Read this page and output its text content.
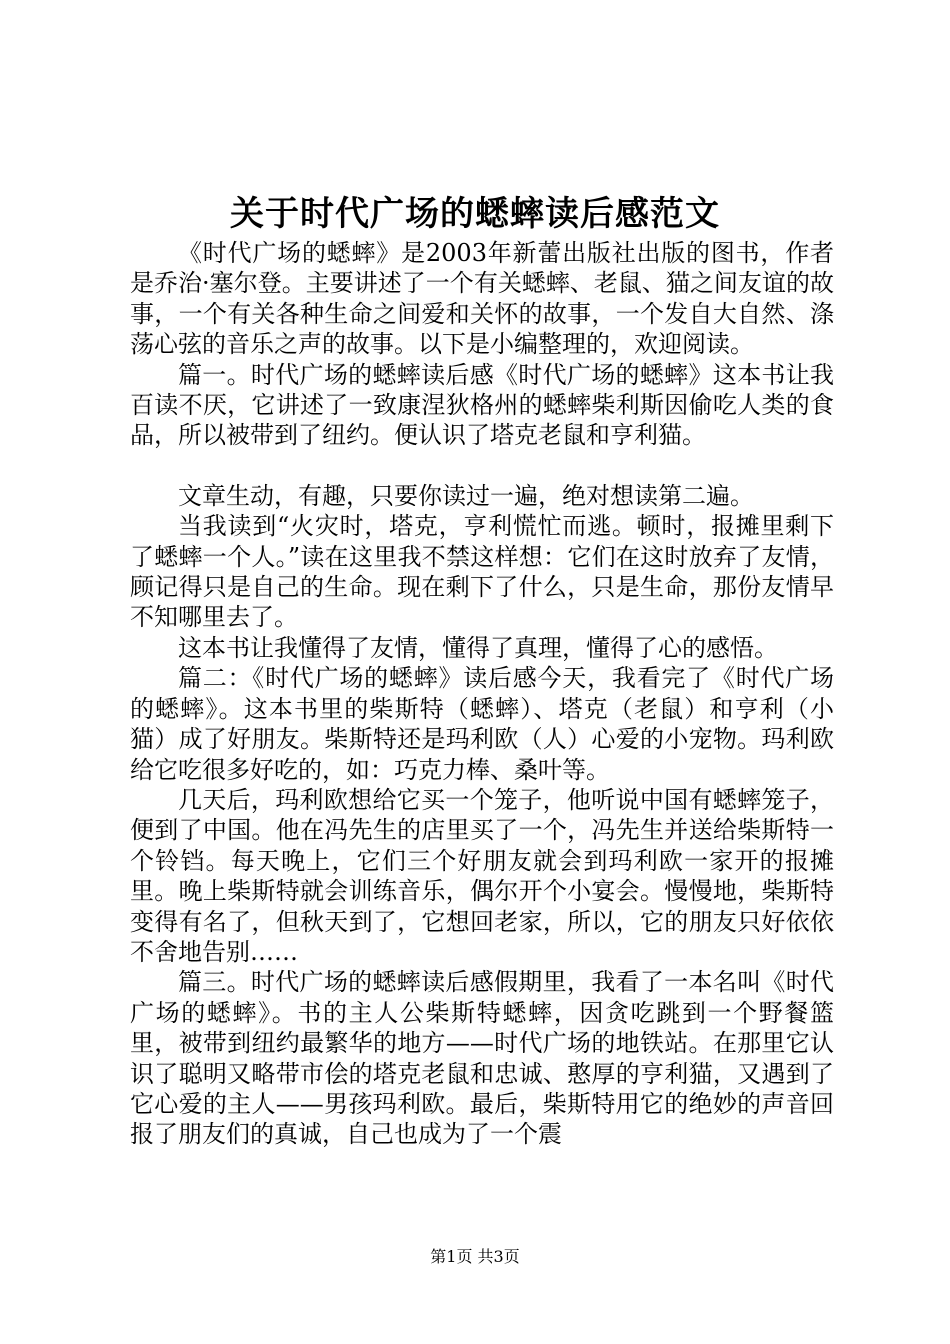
关于时代广场的蟋蟀读后感范文

《时代广场的蟋蟀》是2003年新蕾出版社出版的图书，作者是乔治·塞尔登。主要讲述了一个有关蟋蟀、老鼠、猫之间友谊的故事，一个有关各种生命之间爱和关怀的故事，一个发自大自然、涤荡心弦的音乐之声的故事。以下是小编整理的，欢迎阅读。

篇一。时代广场的蟋蟀读后感《时代广场的蟋蟀》这本书让我百读不厌，它讲述了一致康涅狄格州的蟋蟀柴利斯因偷吃人类的食品，所以被带到了纽约。便认识了塔克老鼠和亨利猫。

文章生动，有趣，只要你读过一遍，绝对想读第二遍。

当我读到“火灾时，塔克，亨利慌忙而逃。顿时，报摊里剩下了蟋蟀一个人。”读在这里我不禁这样想：它们在这时放弃了友情，顾记得只是自己的生命。现在剩下了什么，只是生命，那份友情早不知哪里去了。

这本书让我懂得了友情，懂得了真理，懂得了心的感悟。

篇二：《时代广场的蟋蟀》读后感今天，我看完了《时代广场的蟋蟀》。这本书里的柴斯特（蟋蟀）、塔克（老鼠）和亨利（小猫）成了好朋友。柴斯特还是玛利欧（人）心爱的小宠物。玛利欧给它吃很多好吃的，如：巧克力棒、桑叶等。

几天后，玛利欧想给它买一个笼子，他听说中国有蟋蟀笼子，便到了中国。他在冯先生的店里买了一个，冯先生并送给柴斯特一个铃铛。每天晚上，它们三个好朋友就会到玛利欧一家开的报摊里。晚上柴斯特就会训练音乐，偶尔开个小宴会。慢慢地，柴斯特变得有名了，但秋天到了，它想回老家，所以，它的朋友只好依依不舍地告别……

篇三。时代广场的蟋蟀读后感假期里，我看了一本名叫《时代广场的蟋蟀》。书的主人公柴斯特蟋蟀，因贪吃跳到一个野餐篮里，被带到纽约最繁华的地方——时代广场的地铁站。在那里它认识了聪明又略带市侩的塔克老鼠和忠诚、憨厚的亨利猫，又遇到了它心爱的主人——男孩玛利欧。最后，柴斯特用它的绝妙的声音回报了朋友们的真诚，自己也成为了一个震

第1页 共3页
